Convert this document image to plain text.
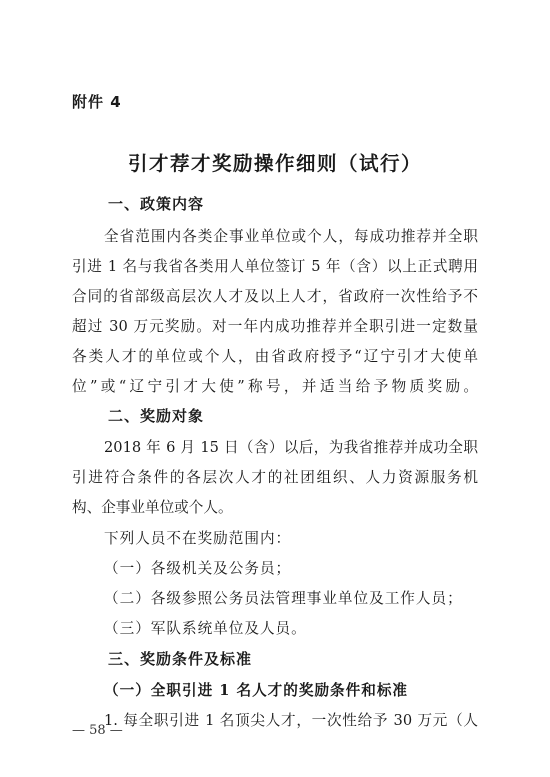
附件 4
引才荐才奖励操作细则（试行）
一、政策内容
全省范围内各类企事业单位或个人，每成功推荐并全职
引进 1 名与我省各类用人单位签订 5 年（含）以上正式聘用
合同的省部级高层次人才及以上人才，省政府一次性给予不
超过 30 万元奖励。对一年内成功推荐并全职引进一定数量
各类人才的单位或个人，由省政府授予“辽宁引才大使单
位”或“辽宁引才大使”称号，并适当给予物质奖励。
二、奖励对象
2018 年 6 月 15 日（含）以后，为我省推荐并成功全职
引进符合条件的各层次人才的社团组织、人力资源服务机
构、企事业单位或个人。
下列人员不在奖励范围内：
（一）各级机关及公务员；
（二）各级参照公务员法管理事业单位及工作人员；
（三）军队系统单位及人员。
三、奖励条件及标准
（一）全职引进 1 名人才的奖励条件和标准
1. 每全职引进 1 名顶尖人才，一次性给予 30 万元（人
— 58 —
